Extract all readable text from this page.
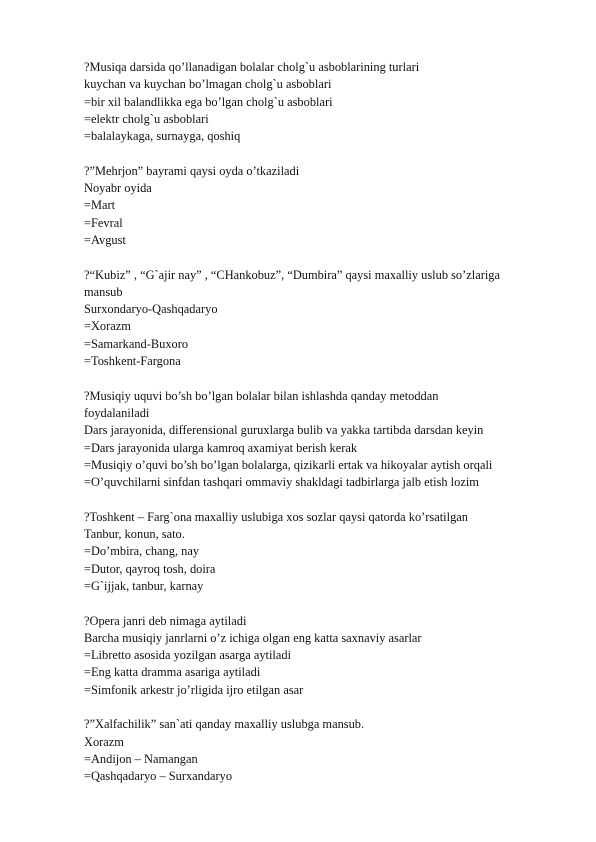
?Musiqa darsida qo’llanadigan bolalar cholg`u asboblarining turlari
kuychan va kuychan bo’lmagan cholg`u asboblari
=bir xil balandlikka ega bo’lgan cholg`u asboblari
=elektr cholg`u asboblari
=balalaykaga, surnayga, qoshiq
?”Mehrjon” bayrami qaysi oyda o’tkaziladi
Noyabr oyida
=Mart
=Fevral
=Avgust
?“Kubiz” , “G`ajir nay” , “CHankobuz”, “Dumbira” qaysi maxalliy uslub so’zlariga mansub
Surxondaryo-Qashqadaryo
=Xorazm
=Samarkand-Buxoro
=Toshkent-Fargona
?Musiqiy uquvi bo’sh bo’lgan bolalar bilan ishlashda qanday metoddan foydalaniladi
Dars jarayonida, differensional guruxlarga bulib va yakka tartibda darsdan keyin
=Dars jarayonida ularga kamroq axamiyat berish kerak
=Musiqiy o’quvi bo’sh bo’lgan bolalarga, qizikarli ertak va hikoyalar aytish orqali
=O’quvchilarni sinfdan tashqari ommaviy shakldagi tadbirlarga jalb etish lozim
?Toshkent – Farg`ona maxalliy uslubiga xos sozlar qaysi qatorda ko’rsatilgan
Tanbur, konun, sato.
=Do’mbira, chang, nay
=Dutor, qayroq tosh, doira
=G`ijjak, tanbur, karnay
?Opera janri deb nimaga aytiladi
Barcha musiqiy janrlarni o’z ichiga olgan eng katta saxnaviy asarlar
=Libretto asosida yozilgan asarga aytiladi
=Eng katta dramma asariga aytiladi
=Simfonik arkestr jo’rligida ijro etilgan asar
?”Xalfachilik” san`ati qanday maxalliy uslubga mansub.
Xorazm
=Andijon – Namangan
=Qashqadaryo – Surxandaryo
